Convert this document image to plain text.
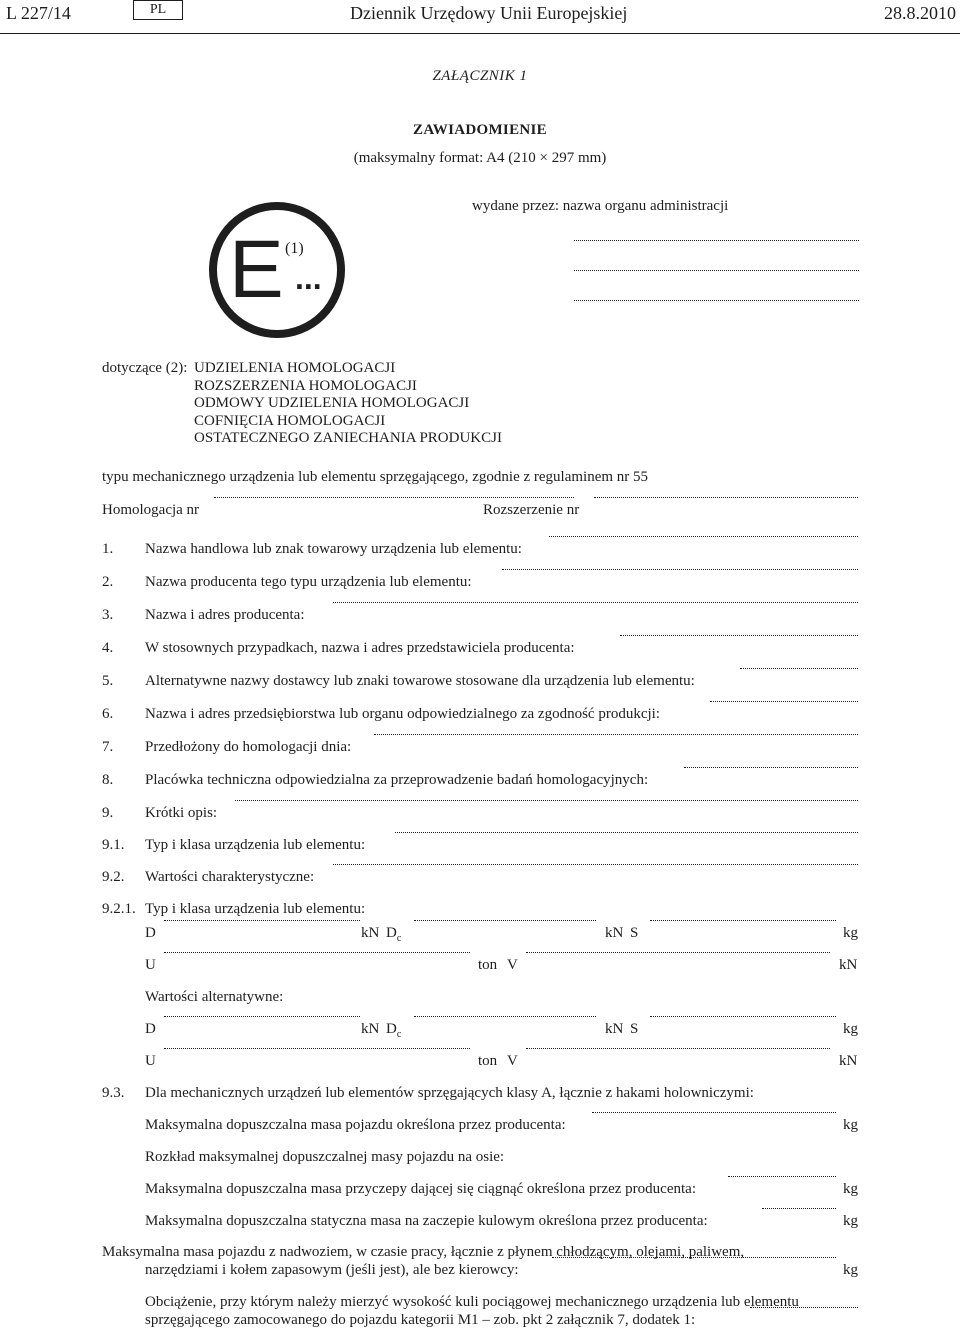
L 227/14	PL	Dziennik Urzędowy Unii Europejskiej	28.8.2010
ZAŁĄCZNIK 1
ZAWIADOMIENIE
(maksymalny format: A4 (210 × 297 mm)
wydane przez: nazwa organu administracji
E ...
(1)
dotyczące (2): UDZIELENIA HOMOLOGACJI
ROZSZERZENIA HOMOLOGACJI
ODMOWY UDZIELENIA HOMOLOGACJI
COFNIĘCIA HOMOLOGACJI
OSTATECZNEGO ZANIECHANIA PRODUKCJI
typu mechanicznego urządzenia lub elementu sprzęgającego, zgodnie z regulaminem nr 55
Homologacja nr	Rozszerzenie nr
1. Nazwa handlowa lub znak towarowy urządzenia lub elementu:
2. Nazwa producenta tego typu urządzenia lub elementu:
3. Nazwa i adres producenta:
4. W stosownych przypadkach, nazwa i adres przedstawiciela producenta:
5. Alternatywne nazwy dostawcy lub znaki towarowe stosowane dla urządzenia lub elementu:
6. Nazwa i adres przedsiębiorstwa lub organu odpowiedzialnego za zgodność produkcji:
7. Przedłożony do homologacji dnia:
8. Placówka techniczna odpowiedzialna za przeprowadzenie badań homologacyjnych:
9. Krótki opis:
9.1. Typ i klasa urządzenia lub elementu:
9.2. Wartości charakterystyczne:
9.2.1. Typ i klasa urządzenia lub elementu:
D	kN $D_c$	kN S	kg
U	ton V	kN
Wartości alternatywne:
D	kN $D_c$	kN S	kg
U	ton V	kN
9.3. Dla mechanicznych urządzeń lub elementów sprzęgających klasy A, łącznie z hakami holowniczymi:
Maksymalna dopuszczalna masa pojazdu określona przez producenta:	kg
Rozkład maksymalnej dopuszczalnej masy pojazdu na osie:
Maksymalna dopuszczalna masa przyczepy dającej się ciągnąć określona przez producenta:	kg
Maksymalna dopuszczalna statyczna masa na zaczepie kulowym określona przez producenta:	kg
Maksymalna masa pojazdu z nadwoziem, w czasie pracy, łącznie z płynem chłodzącym, olejami, paliwem,
narzędziami i kołem zapasowym (jeśli jest), ale bez kierowcy:	kg
Obciążenie, przy którym należy mierzyć wysokość kuli pociągowej mechanicznego urządzenia lub elementu
sprzęgającego zamocowanego do pojazdu kategorii M1 – zob. pkt 2 załącznik 7, dodatek 1:
